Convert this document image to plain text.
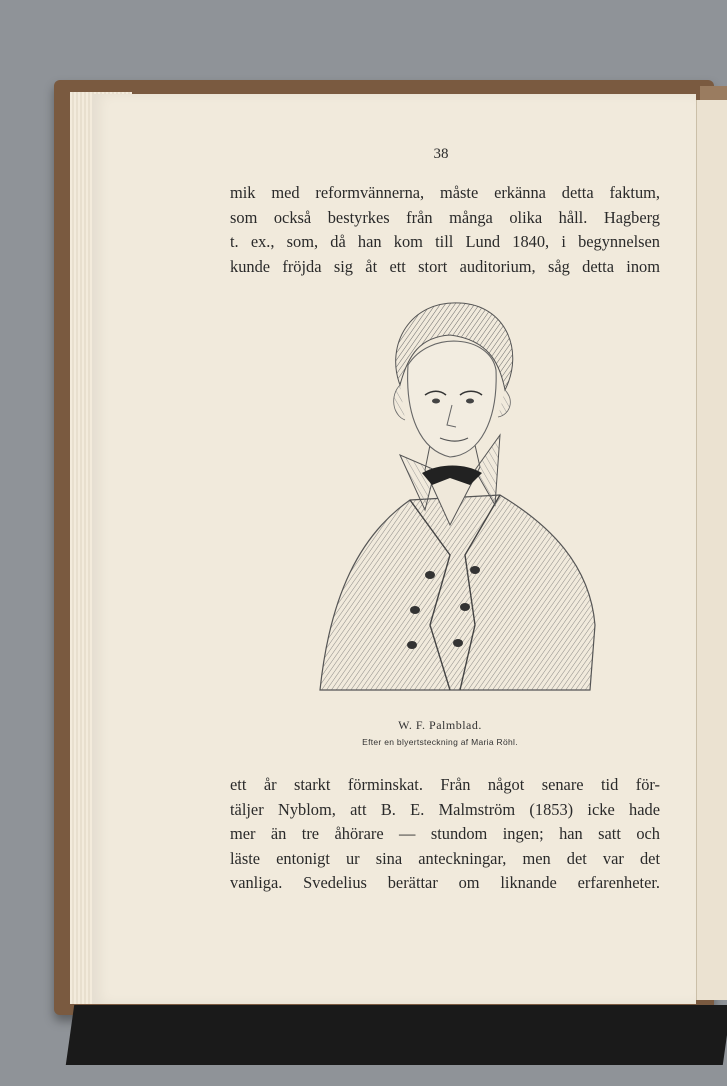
38
mik med reformvännerna, måste erkänna detta faktum,
som också bestyrkes från många olika håll. Hagberg
t. ex., som, då han kom till Lund 1840, i begynnelsen
kunde fröjda sig åt ett stort auditorium, såg detta inom
W. F. Palmblad.
Efter en blyertsteckning af Maria Röhl.
ett år starkt förminskat. Från något senare tid för-
täljer Nyblom, att B. E. Malmström (1853) icke hade
mer än tre åhörare — stundom ingen; han satt och
läste entonigt ur sina anteckningar, men det var det
vanliga. Svedelius berättar om liknande erfarenheter.
